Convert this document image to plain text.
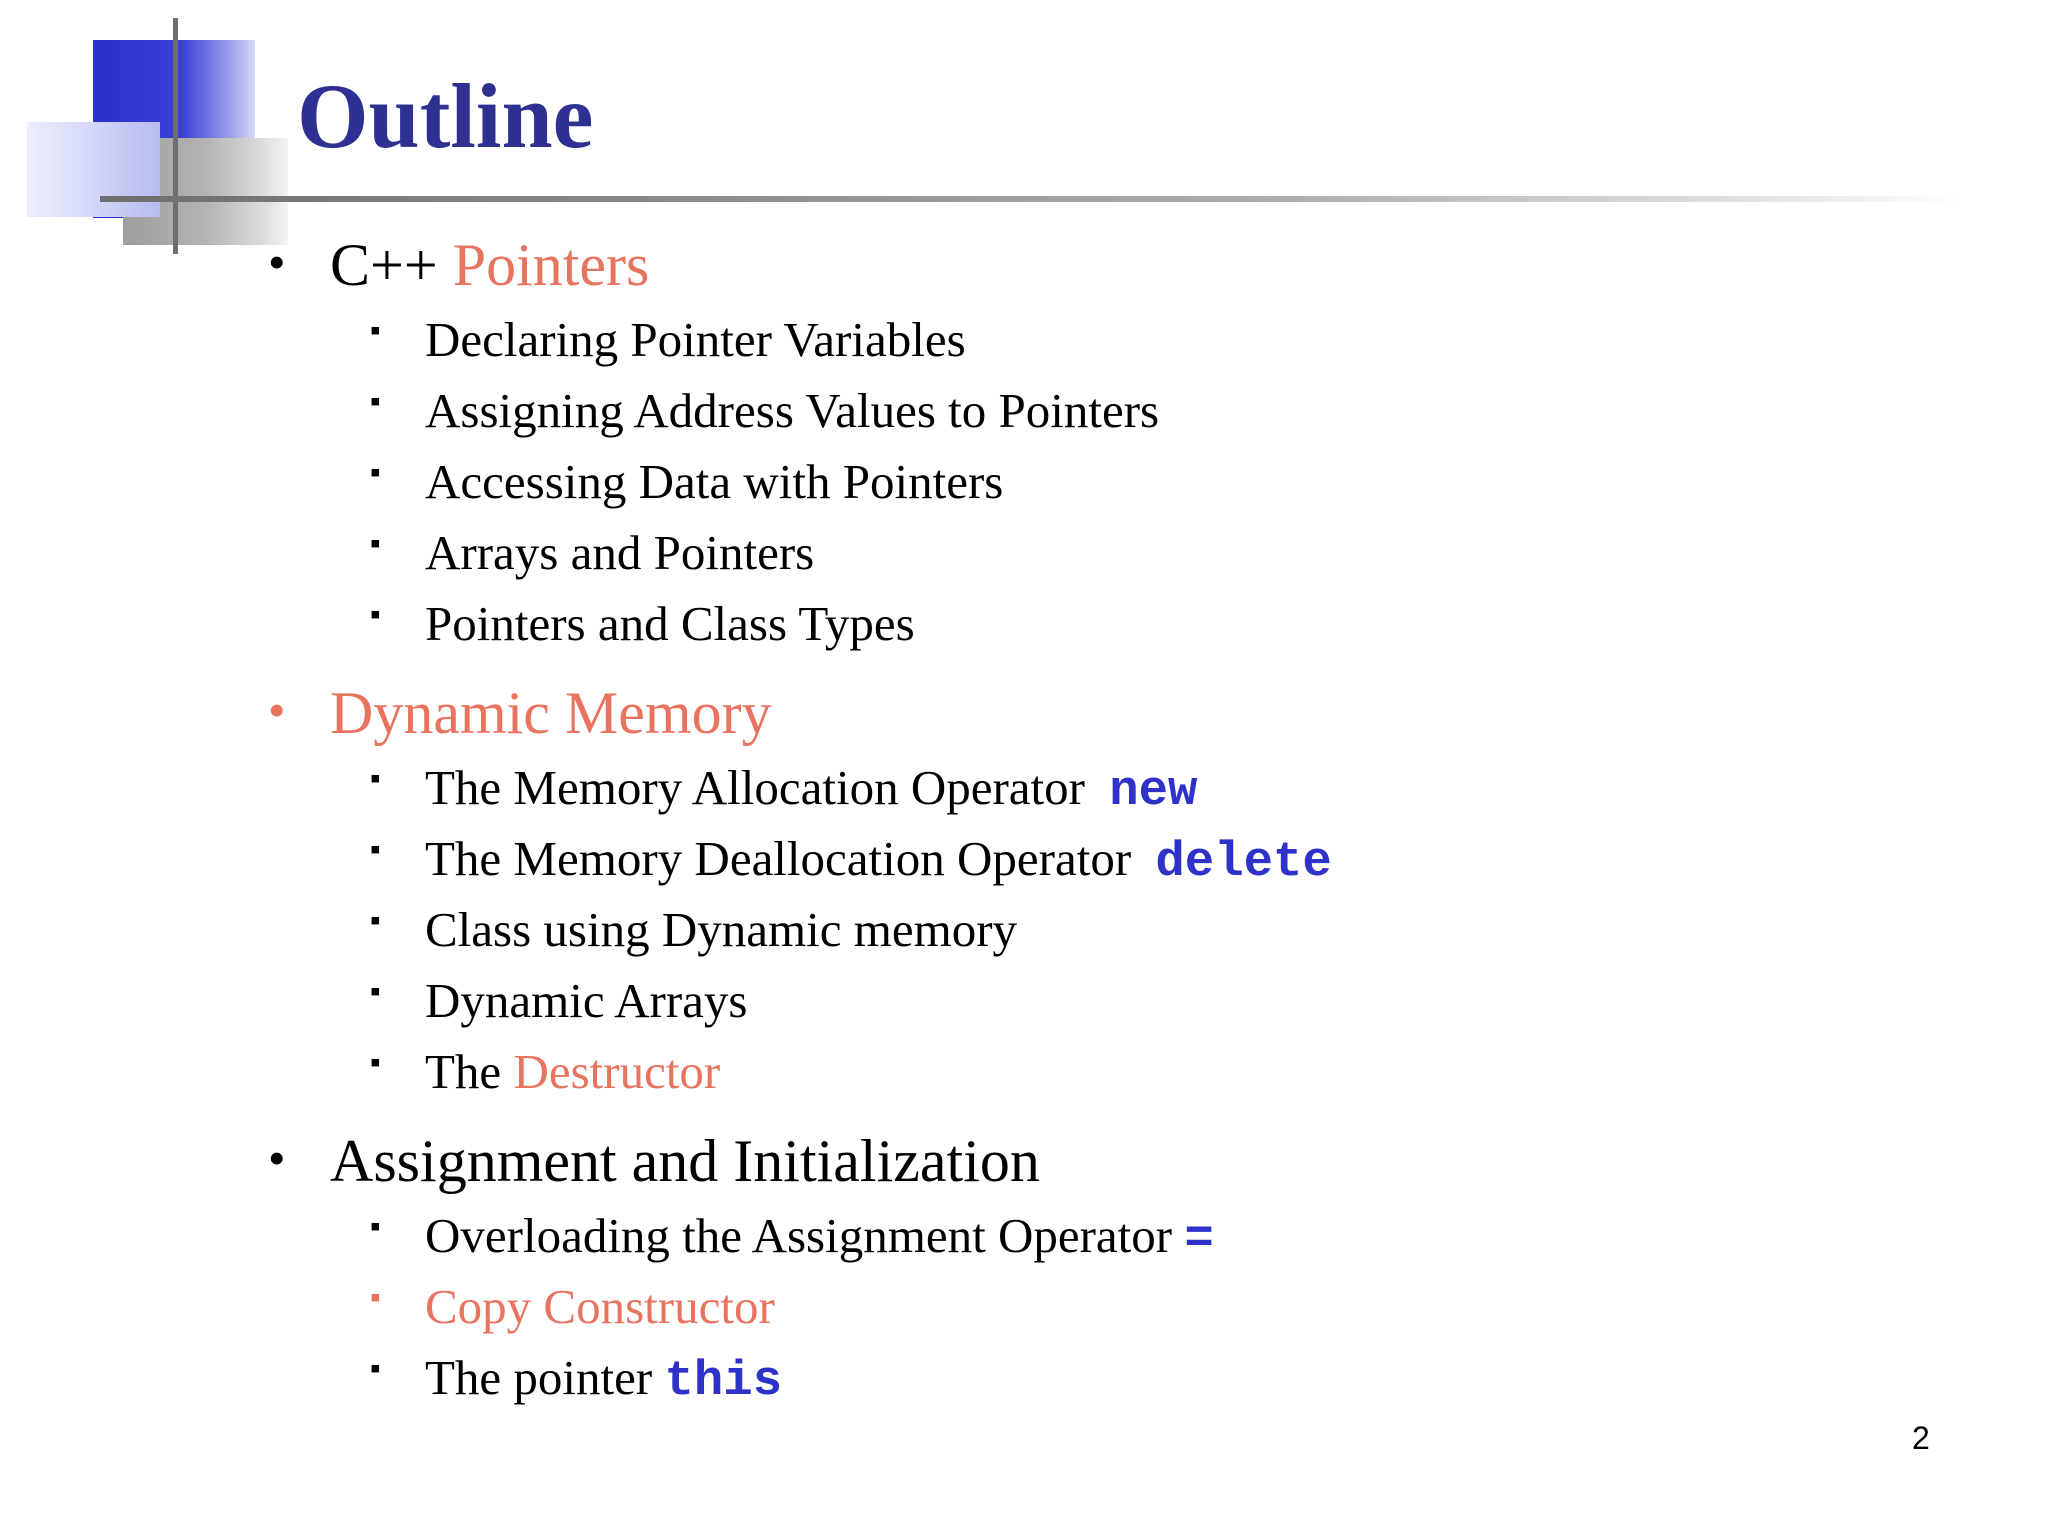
Outline
• C++ Pointers
▪ Declaring Pointer Variables
▪ Assigning Address Values to Pointers
▪ Accessing Data with Pointers
▪ Arrays and Pointers
▪ Pointers and Class Types
• Dynamic Memory
▪ The Memory Allocation Operator new
▪ The Memory Deallocation Operator delete
▪ Class using Dynamic memory
▪ Dynamic Arrays
▪ The Destructor
• Assignment and Initialization
▪ Overloading the Assignment Operator =
▪ Copy Constructor
▪ The pointer this
2
